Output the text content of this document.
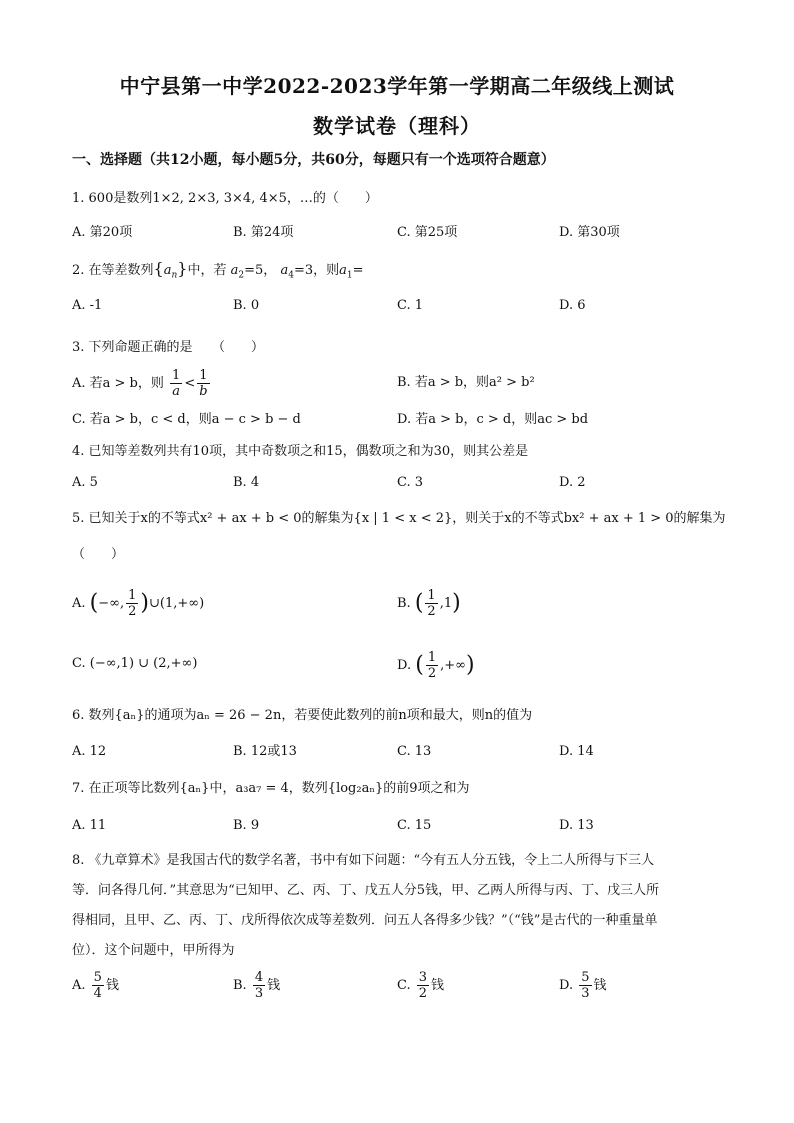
中宁县第一中学2022-2023学年第一学期高二年级线上测试
数学试卷（理科）
一、选择题（共12小题，每小题5分，共60分，每题只有一个选项符合题意）
1. 600是数列1×2, 2×3, 3×4, 4×5，…的（　　）
A. 第20项	B. 第24项	C. 第25项	D. 第30项
2. 在等差数列$\{a_n\}$中，若 $a_2=5$， $a_4=3$，则$a_1=$
A. -1	B. 0	C. 1	D. 6
3. 下列命题正确的是　　（　　）
A. 若a > b，则 $\frac{1}{a} < \frac{1}{b}$	B. 若a > b，则a² > b²
C. 若a > b，c < d，则a − c > b − d	D. 若a > b，c > d，则ac > bd
4. 已知等差数列共有10项，其中奇数项之和15，偶数项之和为30，则其公差是
A. 5	B. 4	C. 3	D. 2
5. 已知关于x的不等式x² + ax + b < 0的解集为{x | 1 < x < 2}，则关于x的不等式bx² + ax + 1 > 0的解集为
（　　）
A. (−∞, $\frac{1}{2}$ )∪(1,+∞)	B. ( $\frac{1}{2} ,1$)
C. (−∞,1) ∪ (2,+∞)	D. ( $\frac{1}{2}$ ,+∞)
6. 数列{aₙ}的通项为aₙ = 26 − 2n，若要使此数列的前n项和最大，则n的值为
A. 12	B. 12或13	C. 13	D. 14
7. 在正项等比数列{aₙ}中，a₃a₇ = 4，数列{log₂aₙ}的前9项之和为
A. 11	B. 9	C. 15	D. 13
8. 《九章算术》是我国古代的数学名著，书中有如下问题：“今有五人分五钱，令上二人所得与下三人
等．问各得几何．”其意思为“已知甲、乙、丙、丁、戊五人分5钱，甲、乙两人所得与丙、丁、戊三人所
得相同，且甲、乙、丙、丁、戊所得依次成等差数列．问五人各得多少钱？”（“钱”是古代的一种重量单
位）．这个问题中，甲所得为
A. $\frac{5}{4}$ 钱	B. $\frac{4}{3}$ 钱	C. $\frac{3}{2}$ 钱	D. $\frac{5}{3}$ 钱
